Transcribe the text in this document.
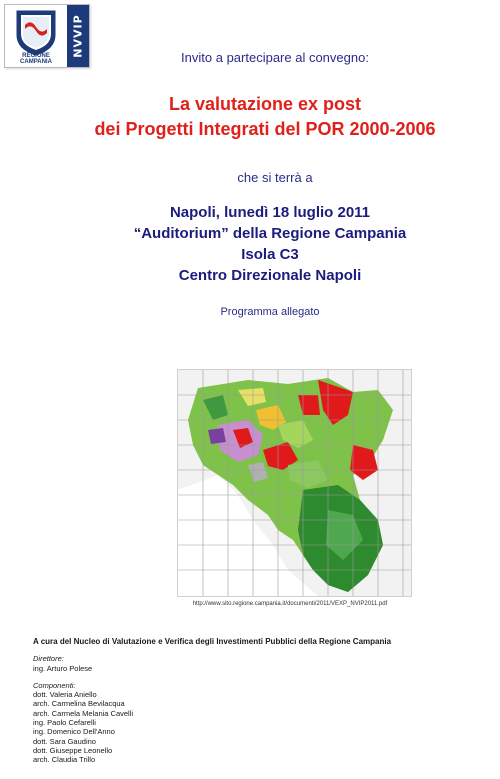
REGIONE CAMPANIA
NVVIP	Invito a partecipare al convegno:
La valutazione ex post
dei Progetti Integrati del POR 2000-2006
che si terrà a
Napoli, lunedì 18 luglio 2011
“Auditorium” della Regione Campania
Isola C3
Centro Direzionale Napoli
Programma allegato
http://www.sito.regione.campania.it/documenti/2011/VEXP_NVIP2011.pdf
A cura del Nucleo di Valutazione e Verifica degli Investimenti Pubblici della Regione Campania
Direttore:
ing. Arturo Polese
Componenti:
dott. Valeria Aniello
arch. Carmelina Bevilacqua
arch. Carmela Melania Cavelli
ing. Paolo Cefarelli
ing. Domenico Dell'Anno
dott. Sara Gaudino
dott. Giuseppe Leonello
arch. Claudia Trillo
